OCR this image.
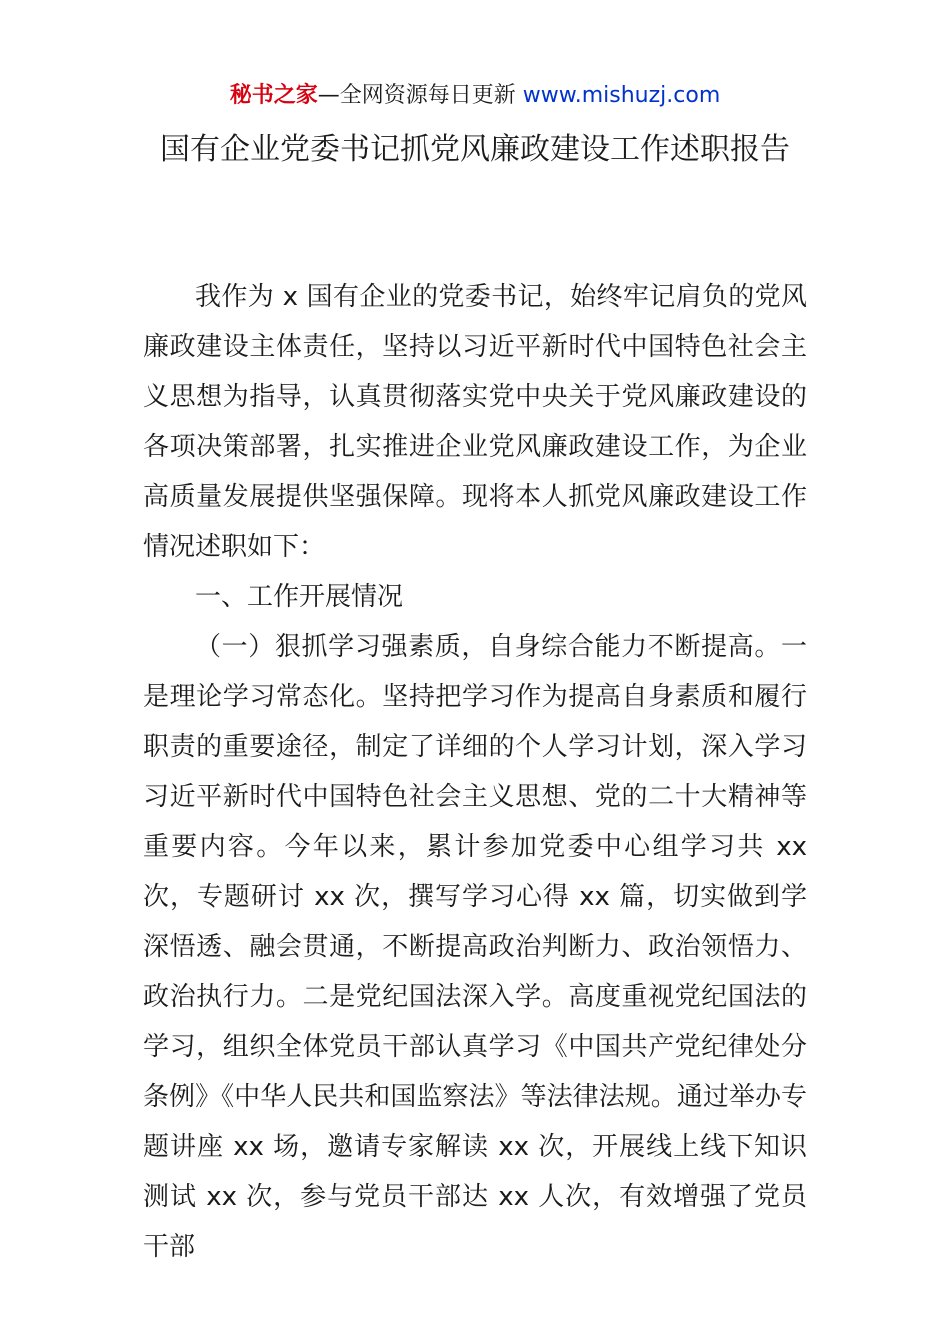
秘书之家—全网资源每日更新 www.mishuzj.com
国有企业党委书记抓党风廉政建设工作述职报告

我作为 x 国有企业的党委书记，始终牢记肩负的党风廉政建设主体责任，坚持以习近平新时代中国特色社会主义思想为指导，认真贯彻落实党中央关于党风廉政建设的各项决策部署，扎实推进企业党风廉政建设工作，为企业高质量发展提供坚强保障。现将本人抓党风廉政建设工作情况述职如下：

一、工作开展情况

（一）狠抓学习强素质，自身综合能力不断提高。一是理论学习常态化。坚持把学习作为提高自身素质和履行职责的重要途径，制定了详细的个人学习计划，深入学习习近平新时代中国特色社会主义思想、党的二十大精神等重要内容。今年以来，累计参加党委中心组学习共 xx 次，专题研讨 xx 次，撰写学习心得 xx 篇，切实做到学深悟透、融会贯通，不断提高政治判断力、政治领悟力、政治执行力。二是党纪国法深入学。高度重视党纪国法的学习，组织全体党员干部认真学习《中国共产党纪律处分条例》《中华人民共和国监察法》等法律法规。通过举办专题讲座 xx 场，邀请专家解读 xx 次，开展线上线下知识测试 xx 次，参与党员干部达 xx 人次，有效增强了党员干部
